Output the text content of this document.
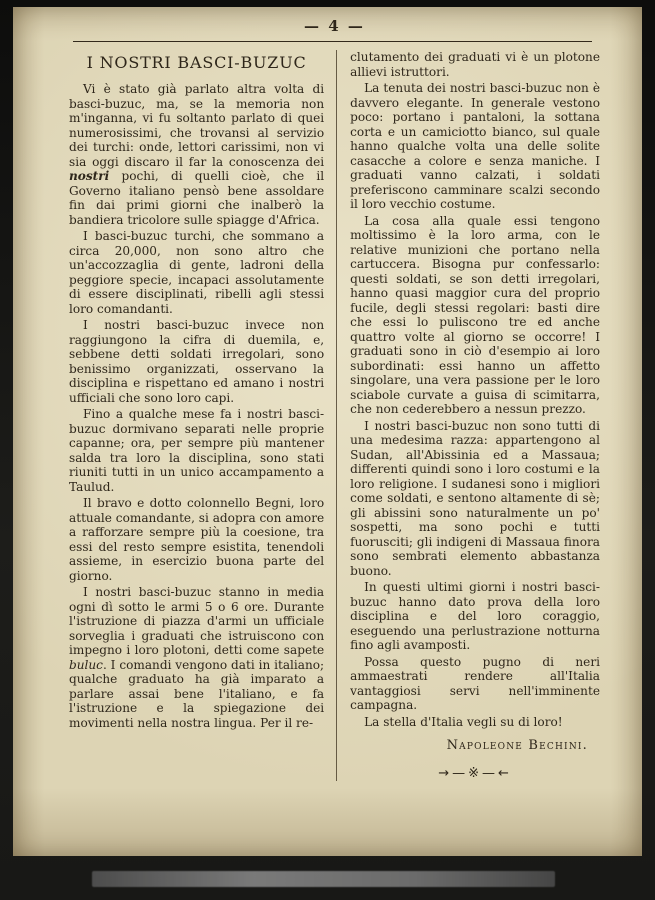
— 4 —
I NOSTRI BASCI-BUZUC

Vi è stato già parlato altra volta di basci-buzuc, ma, se la memoria non m'inganna, vi fu soltanto parlato di quei numerosissimi, che trovansi al servizio dei turchi: onde, lettori carissimi, non vi sia oggi discaro il far la conoscenza dei nostri pochi, di quelli cioè, che il Governo italiano pensò bene assoldare fin dai primi giorni che inalberò la bandiera tricolore sulle spiagge d'Africa.

I basci-buzuc turchi, che sommano a circa 20,000, non sono altro che un'accozzaglia di gente, ladroni della peggiore specie, incapaci assolutamente di essere disciplinati, ribelli agli stessi loro comandanti.

I nostri basci-buzuc invece non raggiungono la cifra di duemila, e, sebbene detti soldati irregolari, sono benissimo organizzati, osservano la disciplina e rispettano ed amano i nostri ufficiali che sono loro capi.

Fino a qualche mese fa i nostri basci-buzuc dormivano separati nelle proprie capanne; ora, per sempre più mantener salda tra loro la disciplina, sono stati riuniti tutti in un unico accampamento a Taulud.

Il bravo e dotto colonnello Begni, loro attuale comandante, si adopra con amore a rafforzare sempre più la coesione, tra essi del resto sempre esistita, tenendoli assieme, in esercizio buona parte del giorno.

I nostri basci-buzuc stanno in media ogni dì sotto le armi 5 o 6 ore. Durante l'istruzione di piazza d'armi un ufficiale sorveglia i graduati che istruiscono con impegno i loro plotoni, detti come sapete buluc. I comandi vengono dati in italiano; qualche graduato ha già imparato a parlare assai bene l'italiano, e fa l'istruzione e la spiegazione dei movimenti nella nostra lingua. Per il re-

clutamento dei graduati vi è un plotone allievi istruttori.

La tenuta dei nostri basci-buzuc non è davvero elegante. In generale vestono poco: portano i pantaloni, la sottana corta e un camiciotto bianco, sul quale hanno qualche volta una delle solite casacche a colore e senza maniche. I graduati vanno calzati, i soldati preferiscono camminare scalzi secondo il loro vecchio costume.

La cosa alla quale essi tengono moltissimo è la loro arma, con le relative munizioni che portano nella cartuccera. Bisogna pur confessarlo: questi soldati, se son detti irregolari, hanno quasi maggior cura del proprio fucile, degli stessi regolari: basti dire che essi lo puliscono tre ed anche quattro volte al giorno se occorre! I graduati sono in ciò d'esempio ai loro subordinati: essi hanno un affetto singolare, una vera passione per le loro sciabole curvate a guisa di scimitarra, che non cederebbero a nessun prezzo.

I nostri basci-buzuc non sono tutti di una medesima razza: appartengono al Sudan, all'Abissinia ed a Massaua; differenti quindi sono i loro costumi e la loro religione. I sudanesi sono i migliori come soldati, e sentono altamente di sè; gli abissini sono naturalmente un po' sospetti, ma sono pochi e tutti fuorusciti; gli indigeni di Massaua finora sono sembrati elemento abbastanza buono.

In questi ultimi giorni i nostri basci-buzuc hanno dato prova della loro disciplina e del loro coraggio, eseguendo una perlustrazione notturna fino agli avamposti.

Possa questo pugno di neri ammaestrati rendere all'Italia vantaggiosi servi nell'imminente campagna.

La stella d'Italia vegli su di loro!

Napoleone Bechini.
→—※—←
